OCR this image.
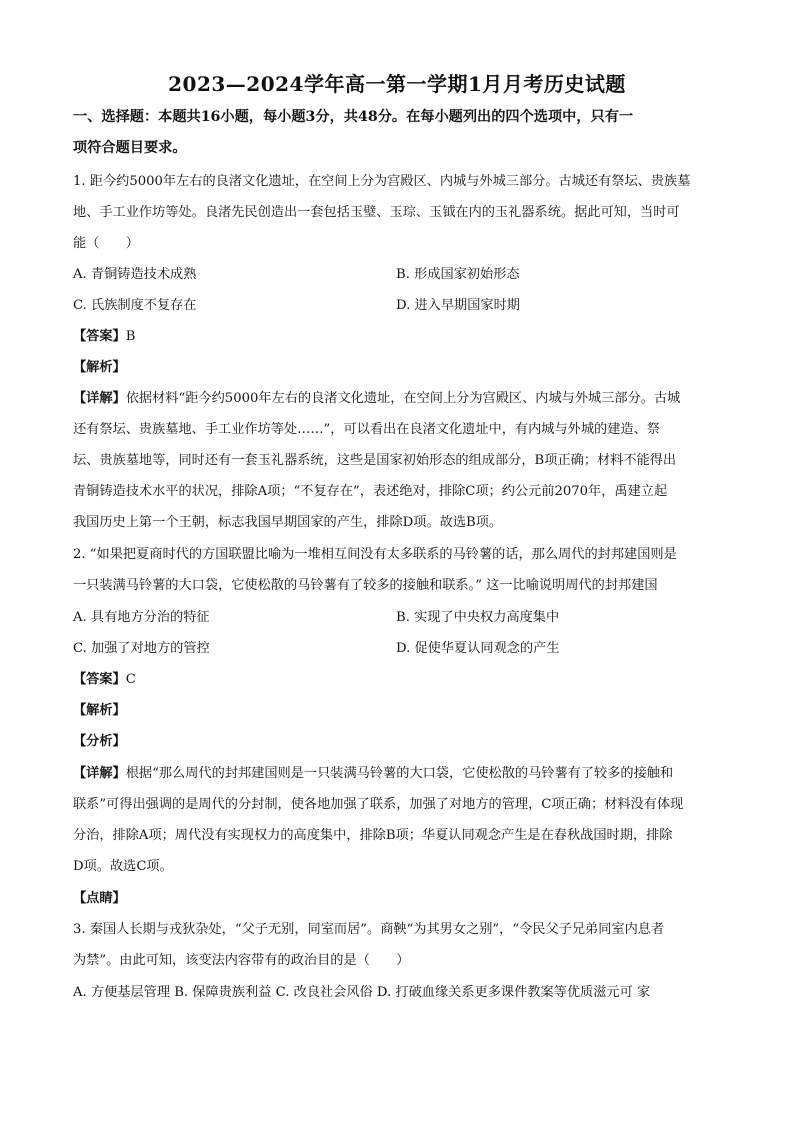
2023—2024学年高一第一学期1月月考历史试题
一、选择题：本题共16小题，每小题3分，共48分。在每小题列出的四个选项中，只有一
项符合题目要求。
1. 距今约5000年左右的良渚文化遗址，在空间上分为宫殿区、内城与外城三部分。古城还有祭坛、贵族墓
地、手工业作坊等处。良渚先民创造出一套包括玉璧、玉琮、玉钺在内的玉礼器系统。据此可知，当时可
能（　　）
A. 青铜铸造技术成熟	B. 形成国家初始形态
C. 氏族制度不复存在	D. 进入早期国家时期
【答案】B
【解析】
【详解】依据材料“距今约5000年左右的良渚文化遗址，在空间上分为宫殿区、内城与外城三部分。古城
还有祭坛、贵族墓地、手工业作坊等处……”，可以看出在良渚文化遗址中，有内城与外城的建造、祭
坛、贵族墓地等，同时还有一套玉礼器系统，这些是国家初始形态的组成部分，B项正确；材料不能得出
青铜铸造技术水平的状况，排除A项；“不复存在”，表述绝对，排除C项；约公元前2070年，禹建立起
我国历史上第一个王朝，标志我国早期国家的产生，排除D项。故选B项。
2. “如果把夏商时代的方国联盟比喻为一堆相互间没有太多联系的马铃薯的话，那么周代的封邦建国则是
一只装满马铃薯的大口袋，它使松散的马铃薯有了较多的接触和联系。” 这一比喻说明周代的封邦建国
A. 具有地方分治的特征	B. 实现了中央权力高度集中
C. 加强了对地方的管控	D. 促使华夏认同观念的产生
【答案】C
【解析】
【分析】
【详解】根据“那么周代的封邦建国则是一只装满马铃薯的大口袋，它使松散的马铃薯有了较多的接触和
联系”可得出强调的是周代的分封制，使各地加强了联系，加强了对地方的管理，C项正确；材料没有体现
分治，排除A项；周代没有实现权力的高度集中，排除B项；华夏认同观念产生是在春秋战国时期，排除
D项。故选C项。
【点睛】
3. 秦国人长期与戎狄杂处，“父子无别，同室而居”。商鞅“为其男女之别”，“令民父子兄弟同室内息者
为禁”。由此可知，该变法内容带有的政治目的是（　　）
A. 方便基层管理 B. 保障贵族利益 C. 改良社会风俗 D. 打破血缘关系更多课件教案等优质滋元可 家
